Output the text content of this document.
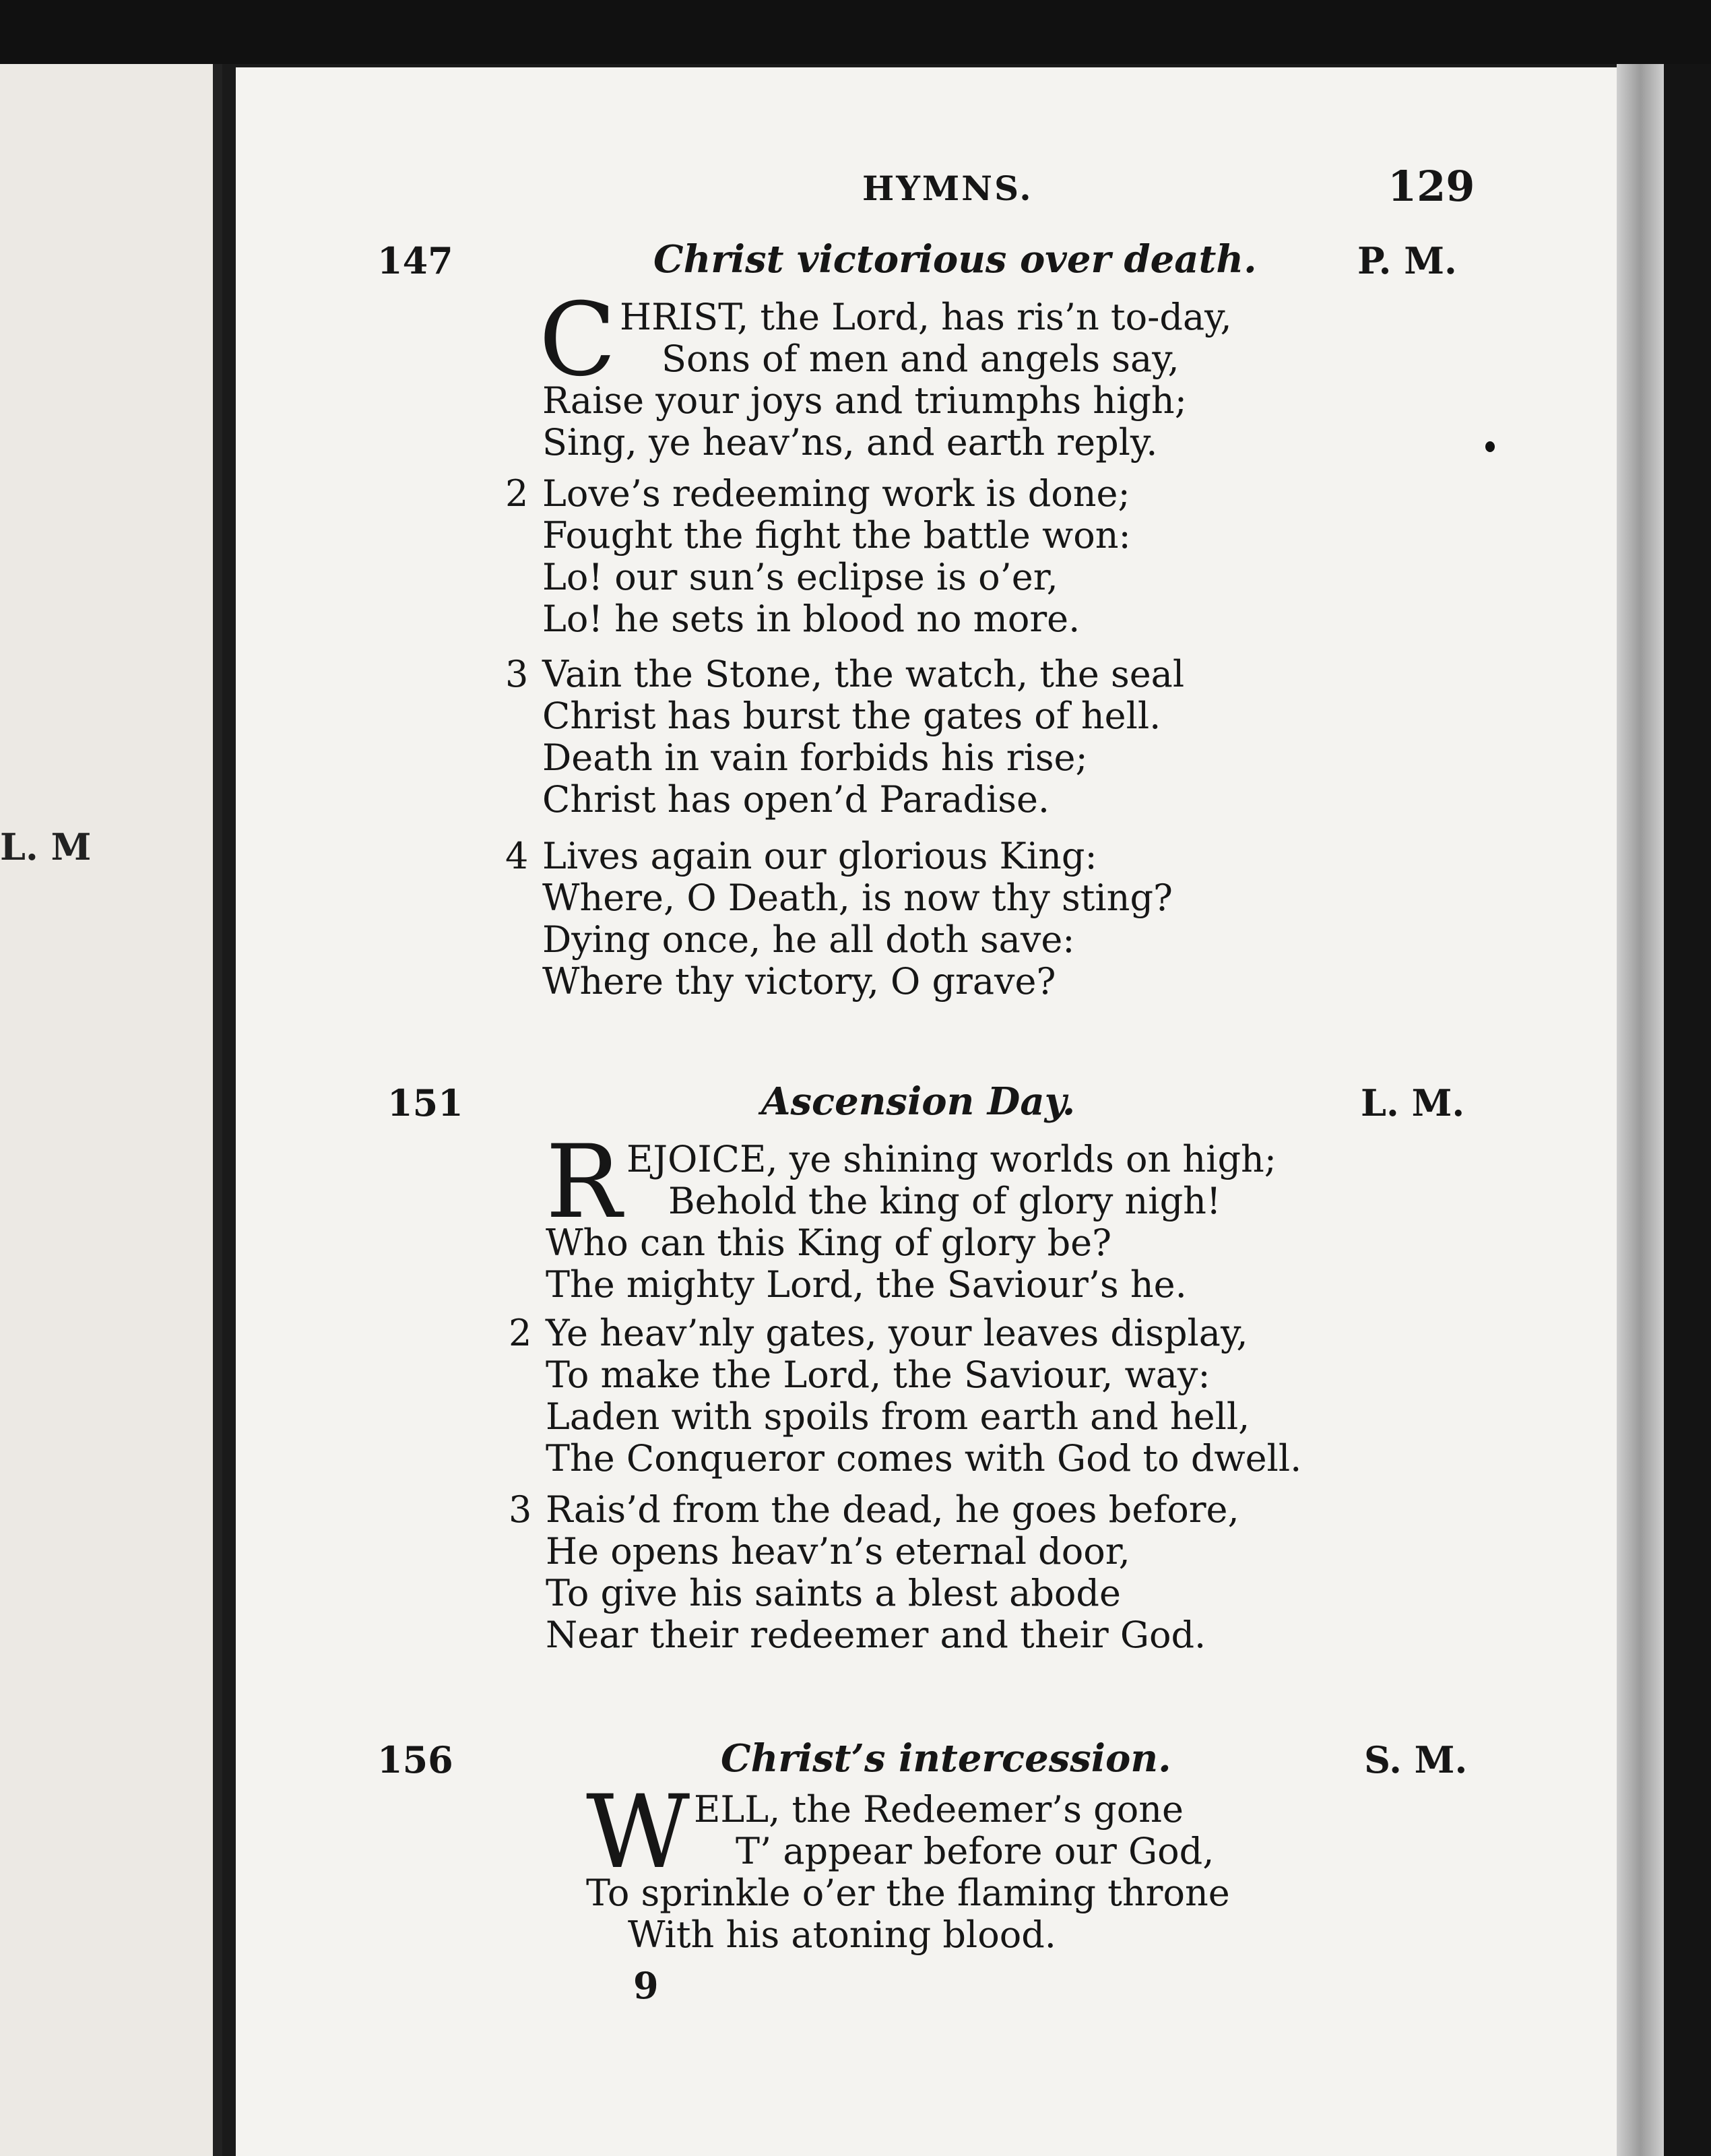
L. M
HYMNS.	129
147	Christ victorious over death.	P. M.
C HRIST, the Lord, has ris’n to-day,
Sons of men and angels say,
Raise your joys and triumphs high;
Sing, ye heav’ns, and earth reply.
2 Love’s redeeming work is done;
Fought the fight the battle won:
Lo! our sun’s eclipse is o’er,
Lo! he sets in blood no more.
3 Vain the Stone, the watch, the seal
Christ has burst the gates of hell.
Death in vain forbids his rise;
Christ has open’d Paradise.
4 Lives again our glorious King:
Where, O Death, is now thy sting?
Dying once, he all doth save:
Where thy victory, O grave?
151	Ascension Day.	L. M.
R EJOICE, ye shining worlds on high;
Behold the king of glory nigh!
Who can this King of glory be?
The mighty Lord, the Saviour’s he.
2 Ye heav’nly gates, your leaves display,
To make the Lord, the Saviour, way:
Laden with spoils from earth and hell,
The Conqueror comes with God to dwell.
3 Rais’d from the dead, he goes before,
He opens heav’n’s eternal door,
To give his saints a blest abode
Near their redeemer and their God.
156	Christ’s intercession.	S. M.
W ELL, the Redeemer’s gone
T’ appear before our God,
To sprinkle o’er the flaming throne
With his atoning blood.
9
